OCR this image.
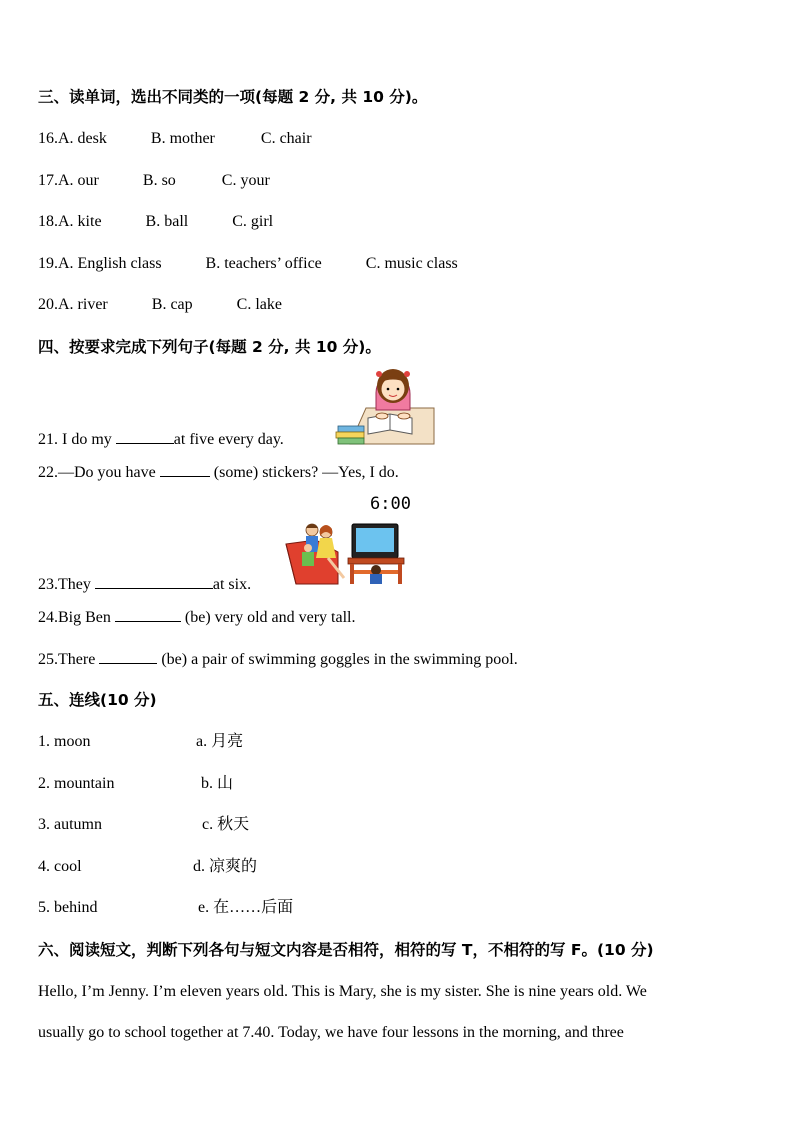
三、读单词，选出不同类的一项(每题 2 分, 共 10 分)。
16.A. desk	B. mother	C. chair
17.A. our	B. so	C. your
18.A. kite	B. ball	C. girl
19.A. English class	B. teachers’ office	C. music class
20.A. river	B. cap	C. lake
四、按要求完成下列句子(每题 2 分, 共 10 分)。
21. I do my	at five every day.
22.—Do you have	(some) stickers? —Yes, I do.
6:00
23.They	at six.
24.Big Ben	(be) very old and very tall.
25.There	(be) a pair of swimming goggles in the swimming pool.
五、连线(10 分)
1. moon	a. 月亮
2. mountain	b. 山
3. autumn	c. 秋天
4. cool	d. 凉爽的
5. behind	e. 在……后面
六、阅读短文，判断下列各句与短文内容是否相符，相符的写 T，不相符的写 F。(10 分)
Hello, I’m Jenny. I’m eleven years old. This is Mary, she is my sister. She is nine years old. We
usually go to school together at 7.40. Today, we have four lessons in the morning, and three
